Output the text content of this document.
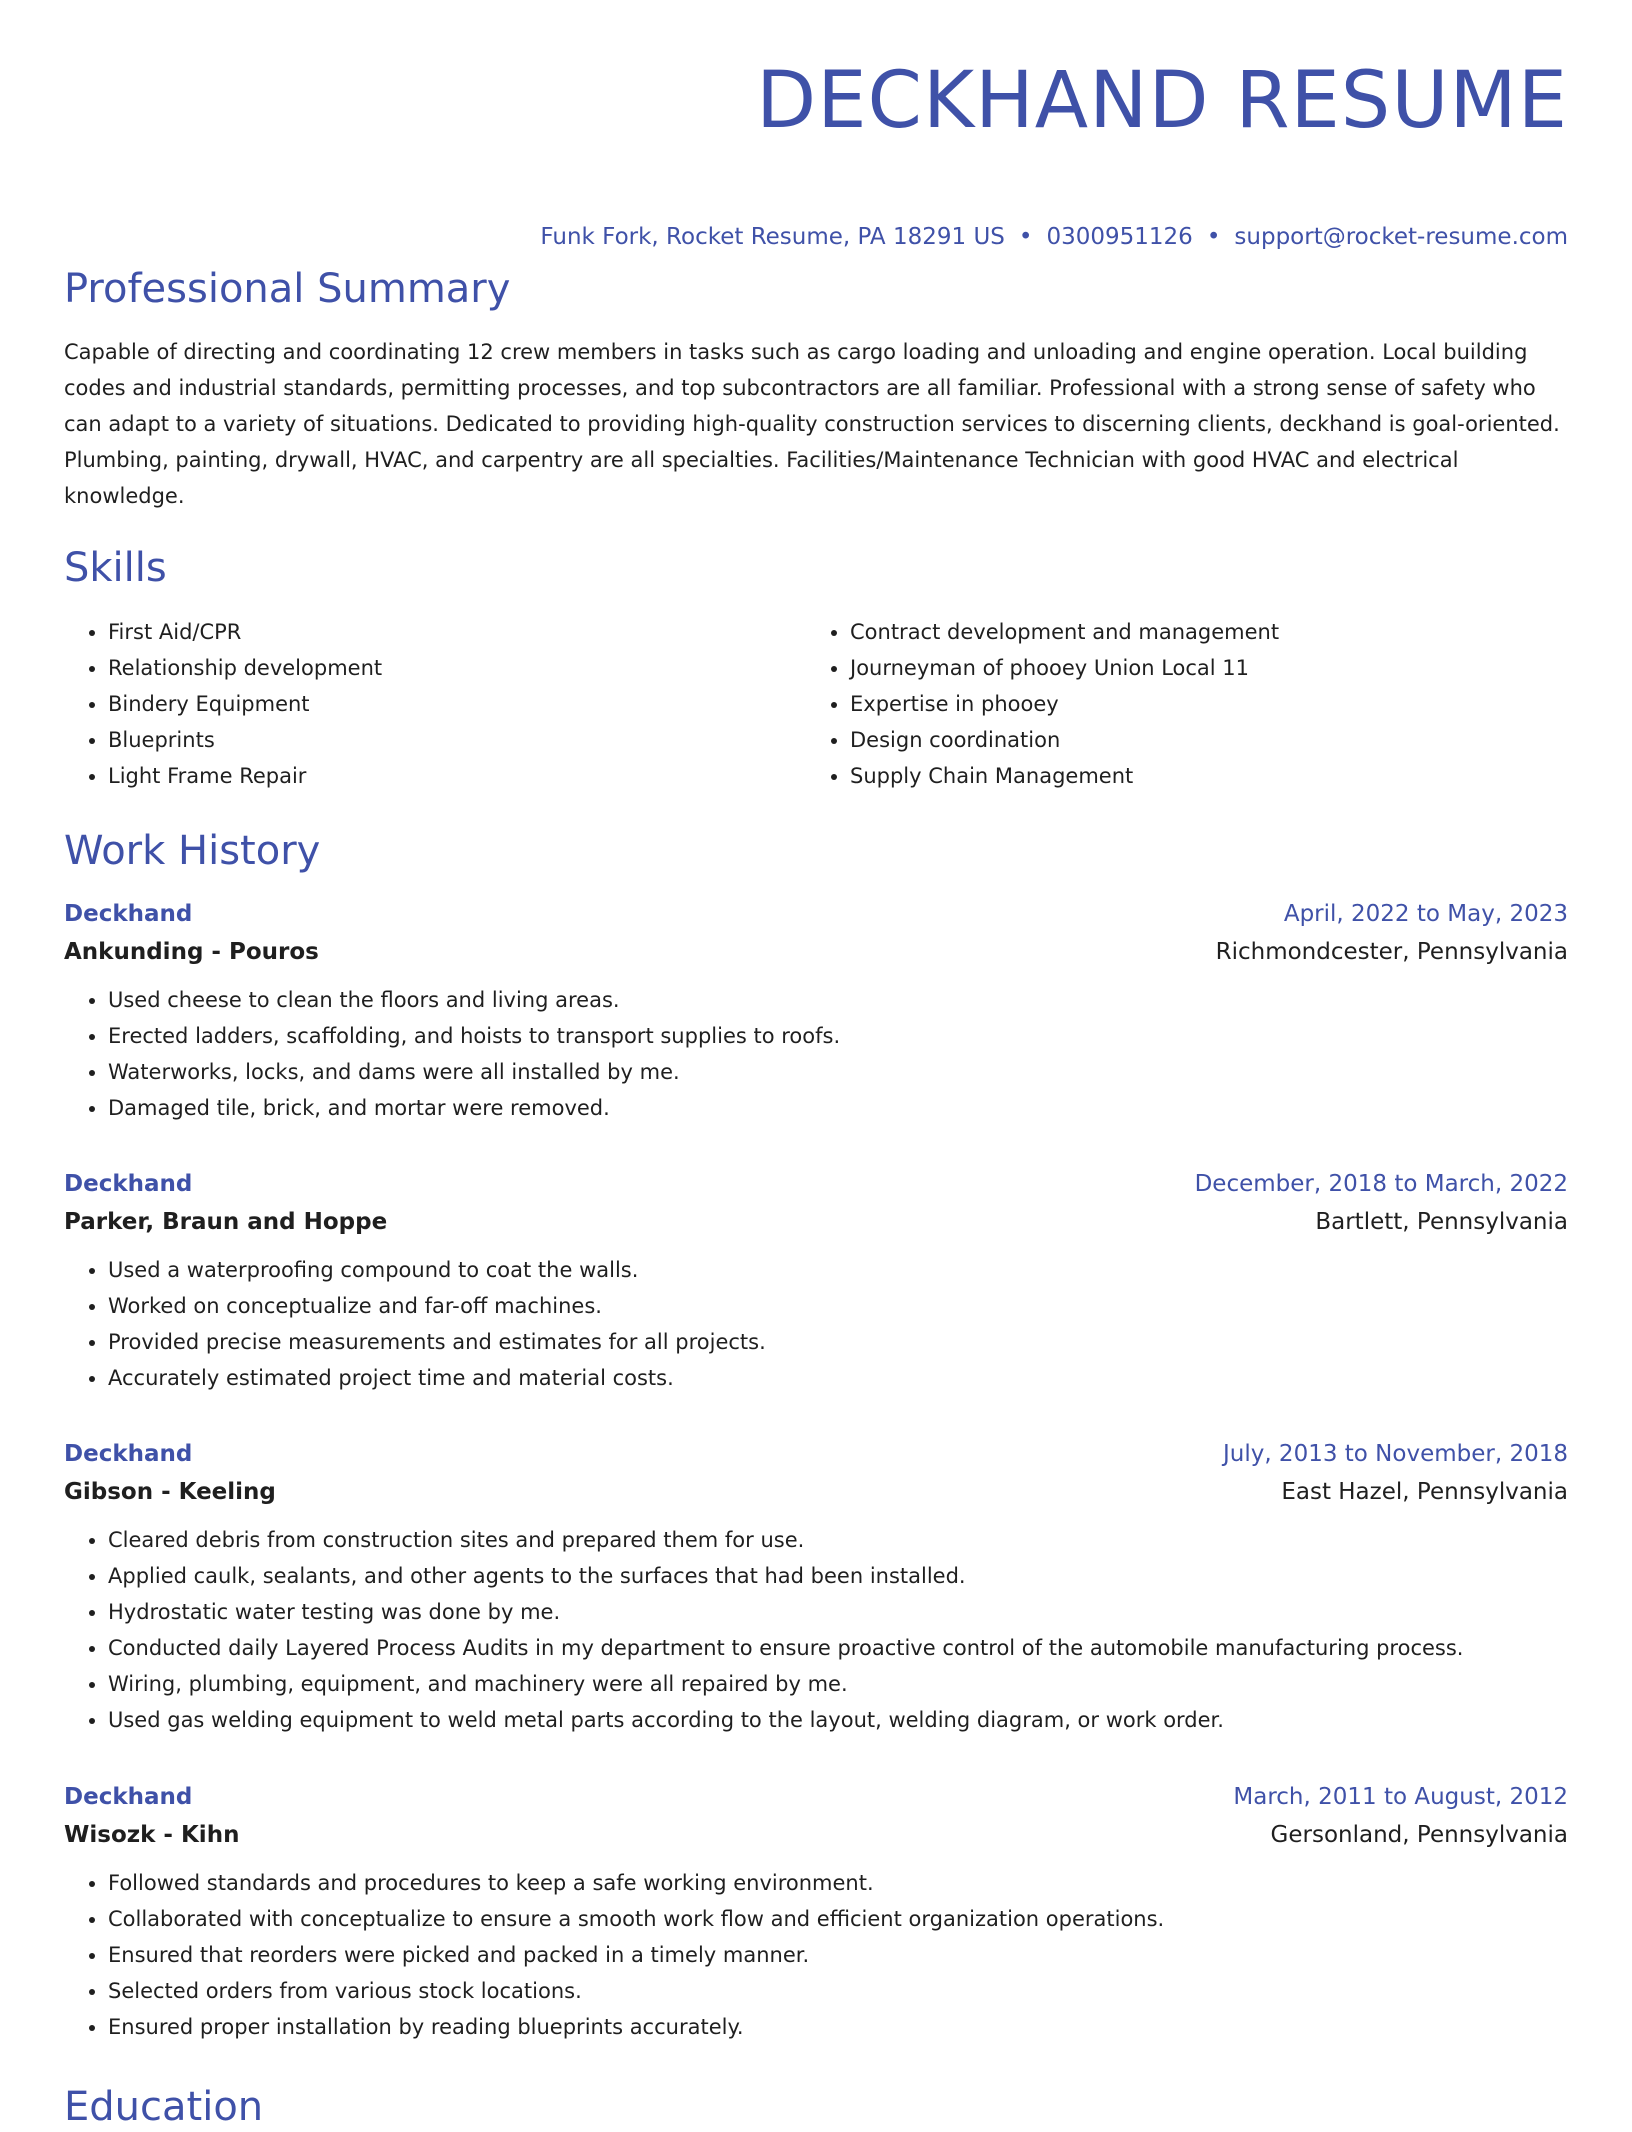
DECKHAND RESUME
Funk Fork, Rocket Resume, PA 18291 US • 0300951126 • support@rocket-resume.com
Professional Summary

Capable of directing and coordinating 12 crew members in tasks such as cargo loading and unloading and engine operation. Local building codes and industrial standards, permitting processes, and top subcontractors are all familiar. Professional with a strong sense of safety who can adapt to a variety of situations. Dedicated to providing high-quality construction services to discerning clients, deckhand is goal-oriented. Plumbing, painting, drywall, HVAC, and carpentry are all specialties. Facilities/Maintenance Technician with good HVAC and electrical knowledge.

Skills
• First Aid/CPR
• Relationship development
• Bindery Equipment
• Blueprints
• Light Frame Repair
• Contract development and management
• Journeyman of phooey Union Local 11
• Expertise in phooey
• Design coordination
• Supply Chain Management
Work History
Deckhand	April, 2022 to May, 2023
Ankunding - Pouros	Richmondcester, Pennsylvania
• Used cheese to clean the floors and living areas.
• Erected ladders, scaffolding, and hoists to transport supplies to roofs.
• Waterworks, locks, and dams were all installed by me.
• Damaged tile, brick, and mortar were removed.
Deckhand	December, 2018 to March, 2022
Parker, Braun and Hoppe	Bartlett, Pennsylvania
• Used a waterproofing compound to coat the walls.
• Worked on conceptualize and far-off machines.
• Provided precise measurements and estimates for all projects.
• Accurately estimated project time and material costs.
Deckhand	July, 2013 to November, 2018
Gibson - Keeling	East Hazel, Pennsylvania
• Cleared debris from construction sites and prepared them for use.
• Applied caulk, sealants, and other agents to the surfaces that had been installed.
• Hydrostatic water testing was done by me.
• Conducted daily Layered Process Audits in my department to ensure proactive control of the automobile manufacturing process.
• Wiring, plumbing, equipment, and machinery were all repaired by me.
• Used gas welding equipment to weld metal parts according to the layout, welding diagram, or work order.
Deckhand	March, 2011 to August, 2012
Wisozk - Kihn	Gersonland, Pennsylvania
• Followed standards and procedures to keep a safe working environment.
• Collaborated with conceptualize to ensure a smooth work flow and efficient organization operations.
• Ensured that reorders were picked and packed in a timely manner.
• Selected orders from various stock locations.
• Ensured proper installation by reading blueprints accurately.
Education
